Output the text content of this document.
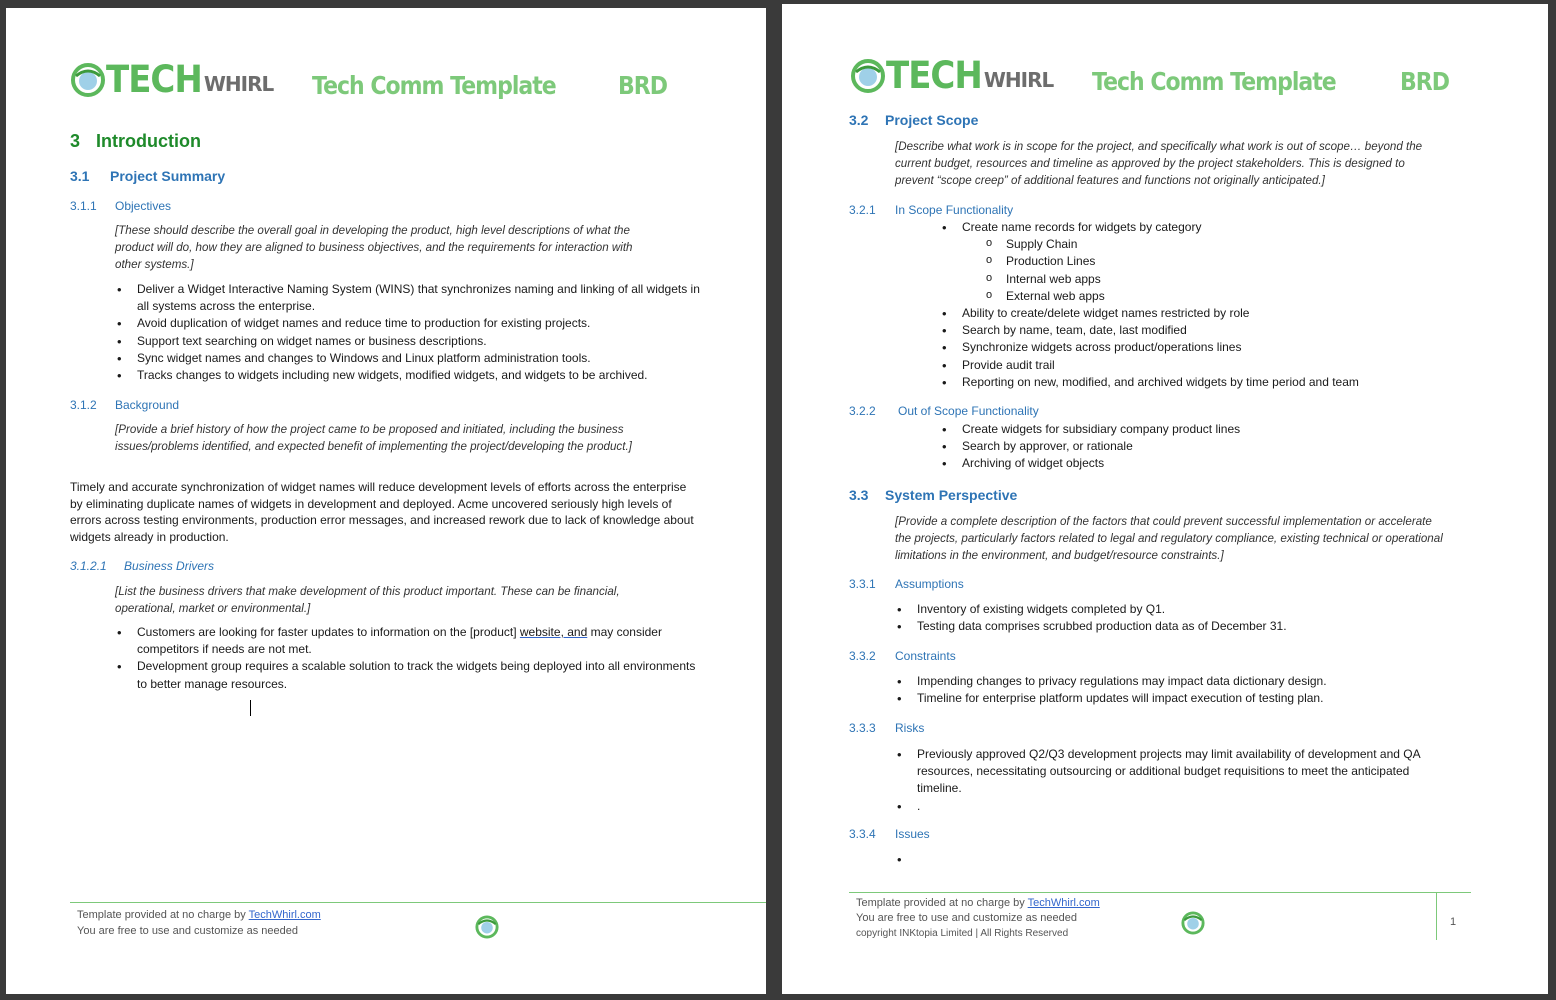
TECH WHIRL Tech Comm Template	BRD
3 Introduction
3.1 Project Summary
3.1.1 Objectives
[These should describe the overall goal in developing the product, high level descriptions of what the product will do, how they are aligned to business objectives, and the requirements for interaction with other systems.]
• Deliver a Widget Interactive Naming System (WINS) that synchronizes naming and linking of all widgets in all systems across the enterprise.
• Avoid duplication of widget names and reduce time to production for existing projects.
• Support text searching on widget names or business descriptions.
• Sync widget names and changes to Windows and Linux platform administration tools.
• Tracks changes to widgets including new widgets, modified widgets, and widgets to be archived.
3.1.2 Background
[Provide a brief history of how the project came to be proposed and initiated, including the business issues/problems identified, and expected benefit of implementing the project/developing the product.]
Timely and accurate synchronization of widget names will reduce development levels of efforts across the enterprise by eliminating duplicate names of widgets in development and deployed. Acme uncovered seriously high levels of errors across testing environments, production error messages, and increased rework due to lack of knowledge about widgets already in production.
3.1.2.1 Business Drivers
[List the business drivers that make development of this product important. These can be financial, operational, market or environmental.]
• Customers are looking for faster updates to information on the [product] website, and may consider competitors if needs are not met.
• Development group requires a scalable solution to track the widgets being deployed into all environments to better manage resources.
Template provided at no charge by TechWhirl.com
You are free to use and customize as needed
TECH WHIRL Tech Comm Template	BRD
3.2 Project Scope
[Describe what work is in scope for the project, and specifically what work is out of scope… beyond the current budget, resources and timeline as approved by the project stakeholders. This is designed to prevent “scope creep” of additional features and functions not originally anticipated.]
3.2.1 In Scope Functionality
• Create name records for widgets by category
o Supply Chain
o Production Lines
o Internal web apps
o External web apps
• Ability to create/delete widget names restricted by role
• Search by name, team, date, last modified
• Synchronize widgets across product/operations lines
• Provide audit trail
• Reporting on new, modified, and archived widgets by time period and team
3.2.2 Out of Scope Functionality
• Create widgets for subsidiary company product lines
• Search by approver, or rationale
• Archiving of widget objects
3.3 System Perspective
[Provide a complete description of the factors that could prevent successful implementation or accelerate the projects, particularly factors related to legal and regulatory compliance, existing technical or operational limitations in the environment, and budget/resource constraints.]
3.3.1 Assumptions
• Inventory of existing widgets completed by Q1.
• Testing data comprises scrubbed production data as of December 31.
3.3.2 Constraints
• Impending changes to privacy regulations may impact data dictionary design.
• Timeline for enterprise platform updates will impact execution of testing plan.
3.3.3 Risks
• Previously approved Q2/Q3 development projects may limit availability of development and QA resources, necessitating outsourcing or additional budget requisitions to meet the anticipated timeline.
• .
3.3.4 Issues
•
Template provided at no charge by TechWhirl.com
You are free to use and customize as needed
copyright INKtopia Limited | All Rights Reserved
1
